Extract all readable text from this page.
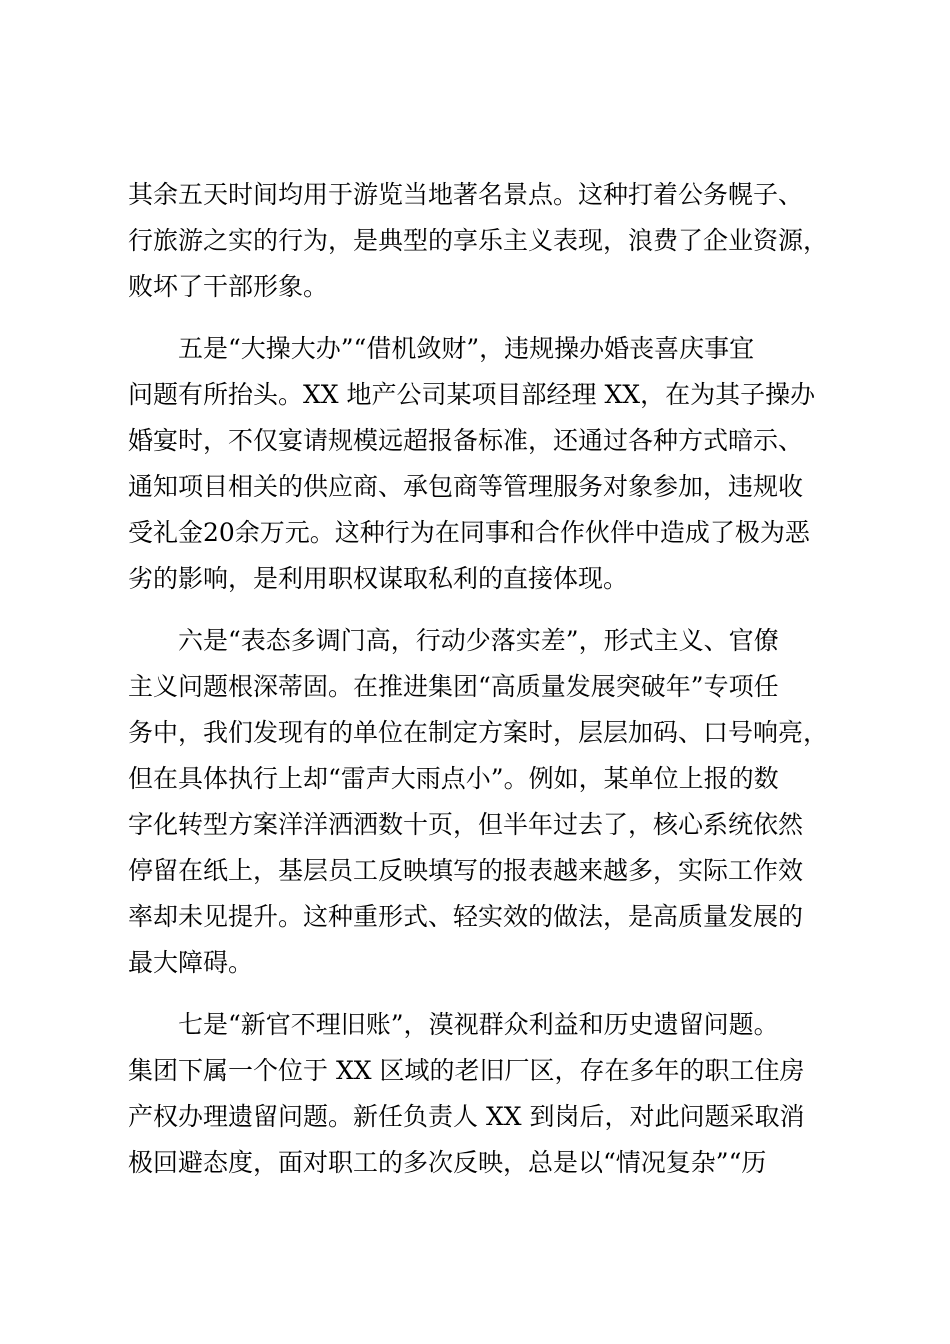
其余五天时间均用于游览当地著名景点。这种打着公务幌子、
行旅游之实的行为，是典型的享乐主义表现，浪费了企业资源，
败坏了干部形象。
　　五是“大操大办”“借机敛财”，违规操办婚丧喜庆事宜
问题有所抬头。XX 地产公司某项目部经理 XX，在为其子操办
婚宴时，不仅宴请规模远超报备标准，还通过各种方式暗示、
通知项目相关的供应商、承包商等管理服务对象参加，违规收
受礼金20余万元。这种行为在同事和合作伙伴中造成了极为恶
劣的影响，是利用职权谋取私利的直接体现。
　　六是“表态多调门高，行动少落实差”，形式主义、官僚
主义问题根深蒂固。在推进集团“高质量发展突破年”专项任
务中，我们发现有的单位在制定方案时，层层加码、口号响亮，
但在具体执行上却“雷声大雨点小”。例如，某单位上报的数
字化转型方案洋洋洒洒数十页，但半年过去了，核心系统依然
停留在纸上，基层员工反映填写的报表越来越多，实际工作效
率却未见提升。这种重形式、轻实效的做法，是高质量发展的
最大障碍。
　　七是“新官不理旧账”，漠视群众利益和历史遗留问题。
集团下属一个位于 XX 区域的老旧厂区，存在多年的职工住房
产权办理遗留问题。新任负责人 XX 到岗后，对此问题采取消
极回避态度，面对职工的多次反映，总是以“情况复杂”“历
